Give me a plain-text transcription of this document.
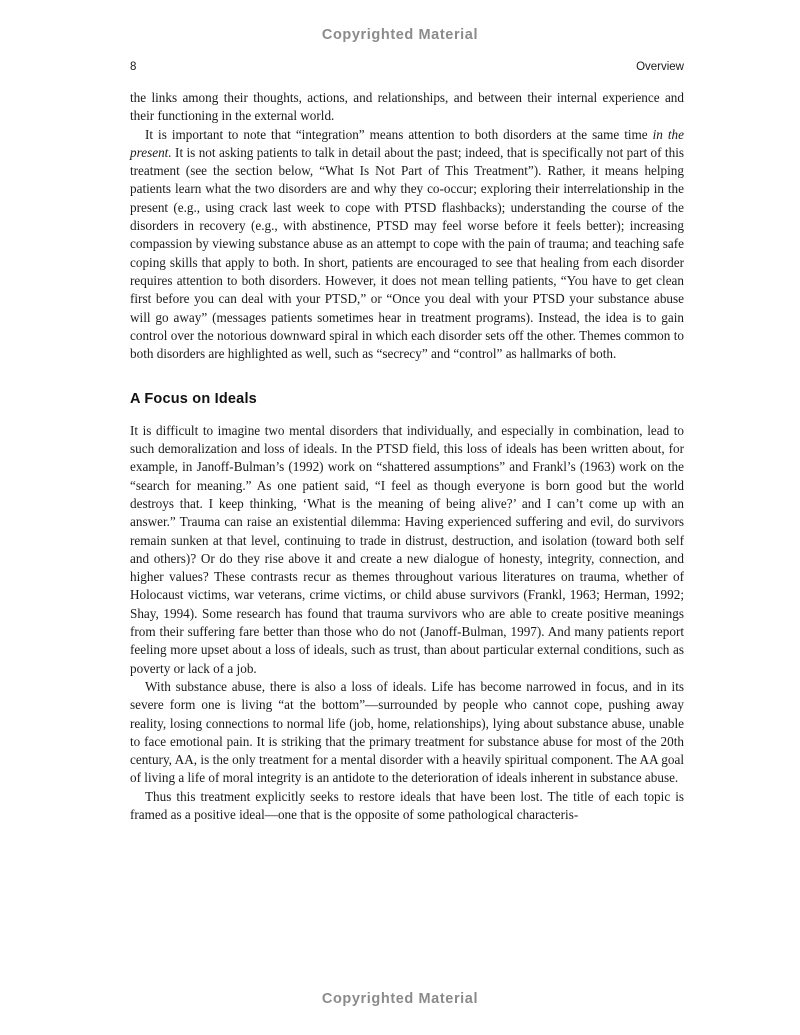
Copyrighted Material
8	Overview

the links among their thoughts, actions, and relationships, and between their internal experience and their functioning in the external world.

It is important to note that “integration” means attention to both disorders at the same time in the present. It is not asking patients to talk in detail about the past; indeed, that is specifically not part of this treatment (see the section below, “What Is Not Part of This Treatment”). Rather, it means helping patients learn what the two disorders are and why they co-occur; exploring their interrelationship in the present (e.g., using crack last week to cope with PTSD flashbacks); understanding the course of the disorders in recovery (e.g., with abstinence, PTSD may feel worse before it feels better); increasing compassion by viewing substance abuse as an attempt to cope with the pain of trauma; and teaching safe coping skills that apply to both. In short, patients are encouraged to see that healing from each disorder requires attention to both disorders. However, it does not mean telling patients, “You have to get clean first before you can deal with your PTSD,” or “Once you deal with your PTSD your substance abuse will go away” (messages patients sometimes hear in treatment programs). Instead, the idea is to gain control over the notorious downward spiral in which each disorder sets off the other. Themes common to both disorders are highlighted as well, such as “secrecy” and “control” as hallmarks of both.

A Focus on Ideals

It is difficult to imagine two mental disorders that individually, and especially in combination, lead to such demoralization and loss of ideals. In the PTSD field, this loss of ideals has been written about, for example, in Janoff-Bulman’s (1992) work on “shattered assumptions” and Frankl’s (1963) work on the “search for meaning.” As one patient said, “I feel as though everyone is born good but the world destroys that. I keep thinking, ‘What is the meaning of being alive?’ and I can’t come up with an answer.” Trauma can raise an existential dilemma: Having experienced suffering and evil, do survivors remain sunken at that level, continuing to trade in distrust, destruction, and isolation (toward both self and others)? Or do they rise above it and create a new dialogue of honesty, integrity, connection, and higher values? These contrasts recur as themes throughout various literatures on trauma, whether of Holocaust victims, war veterans, crime victims, or child abuse survivors (Frankl, 1963; Herman, 1992; Shay, 1994). Some research has found that trauma survivors who are able to create positive meanings from their suffering fare better than those who do not (Janoff-Bulman, 1997). And many patients report feeling more upset about a loss of ideals, such as trust, than about particular external conditions, such as poverty or lack of a job.

With substance abuse, there is also a loss of ideals. Life has become narrowed in focus, and in its severe form one is living “at the bottom”—surrounded by people who cannot cope, pushing away reality, losing connections to normal life (job, home, relationships), lying about substance abuse, unable to face emotional pain. It is striking that the primary treatment for substance abuse for most of the 20th century, AA, is the only treatment for a mental disorder with a heavily spiritual component. The AA goal of living a life of moral integrity is an antidote to the deterioration of ideals inherent in substance abuse.

Thus this treatment explicitly seeks to restore ideals that have been lost. The title of each topic is framed as a positive ideal—one that is the opposite of some pathological characteris-

Copyrighted Material
